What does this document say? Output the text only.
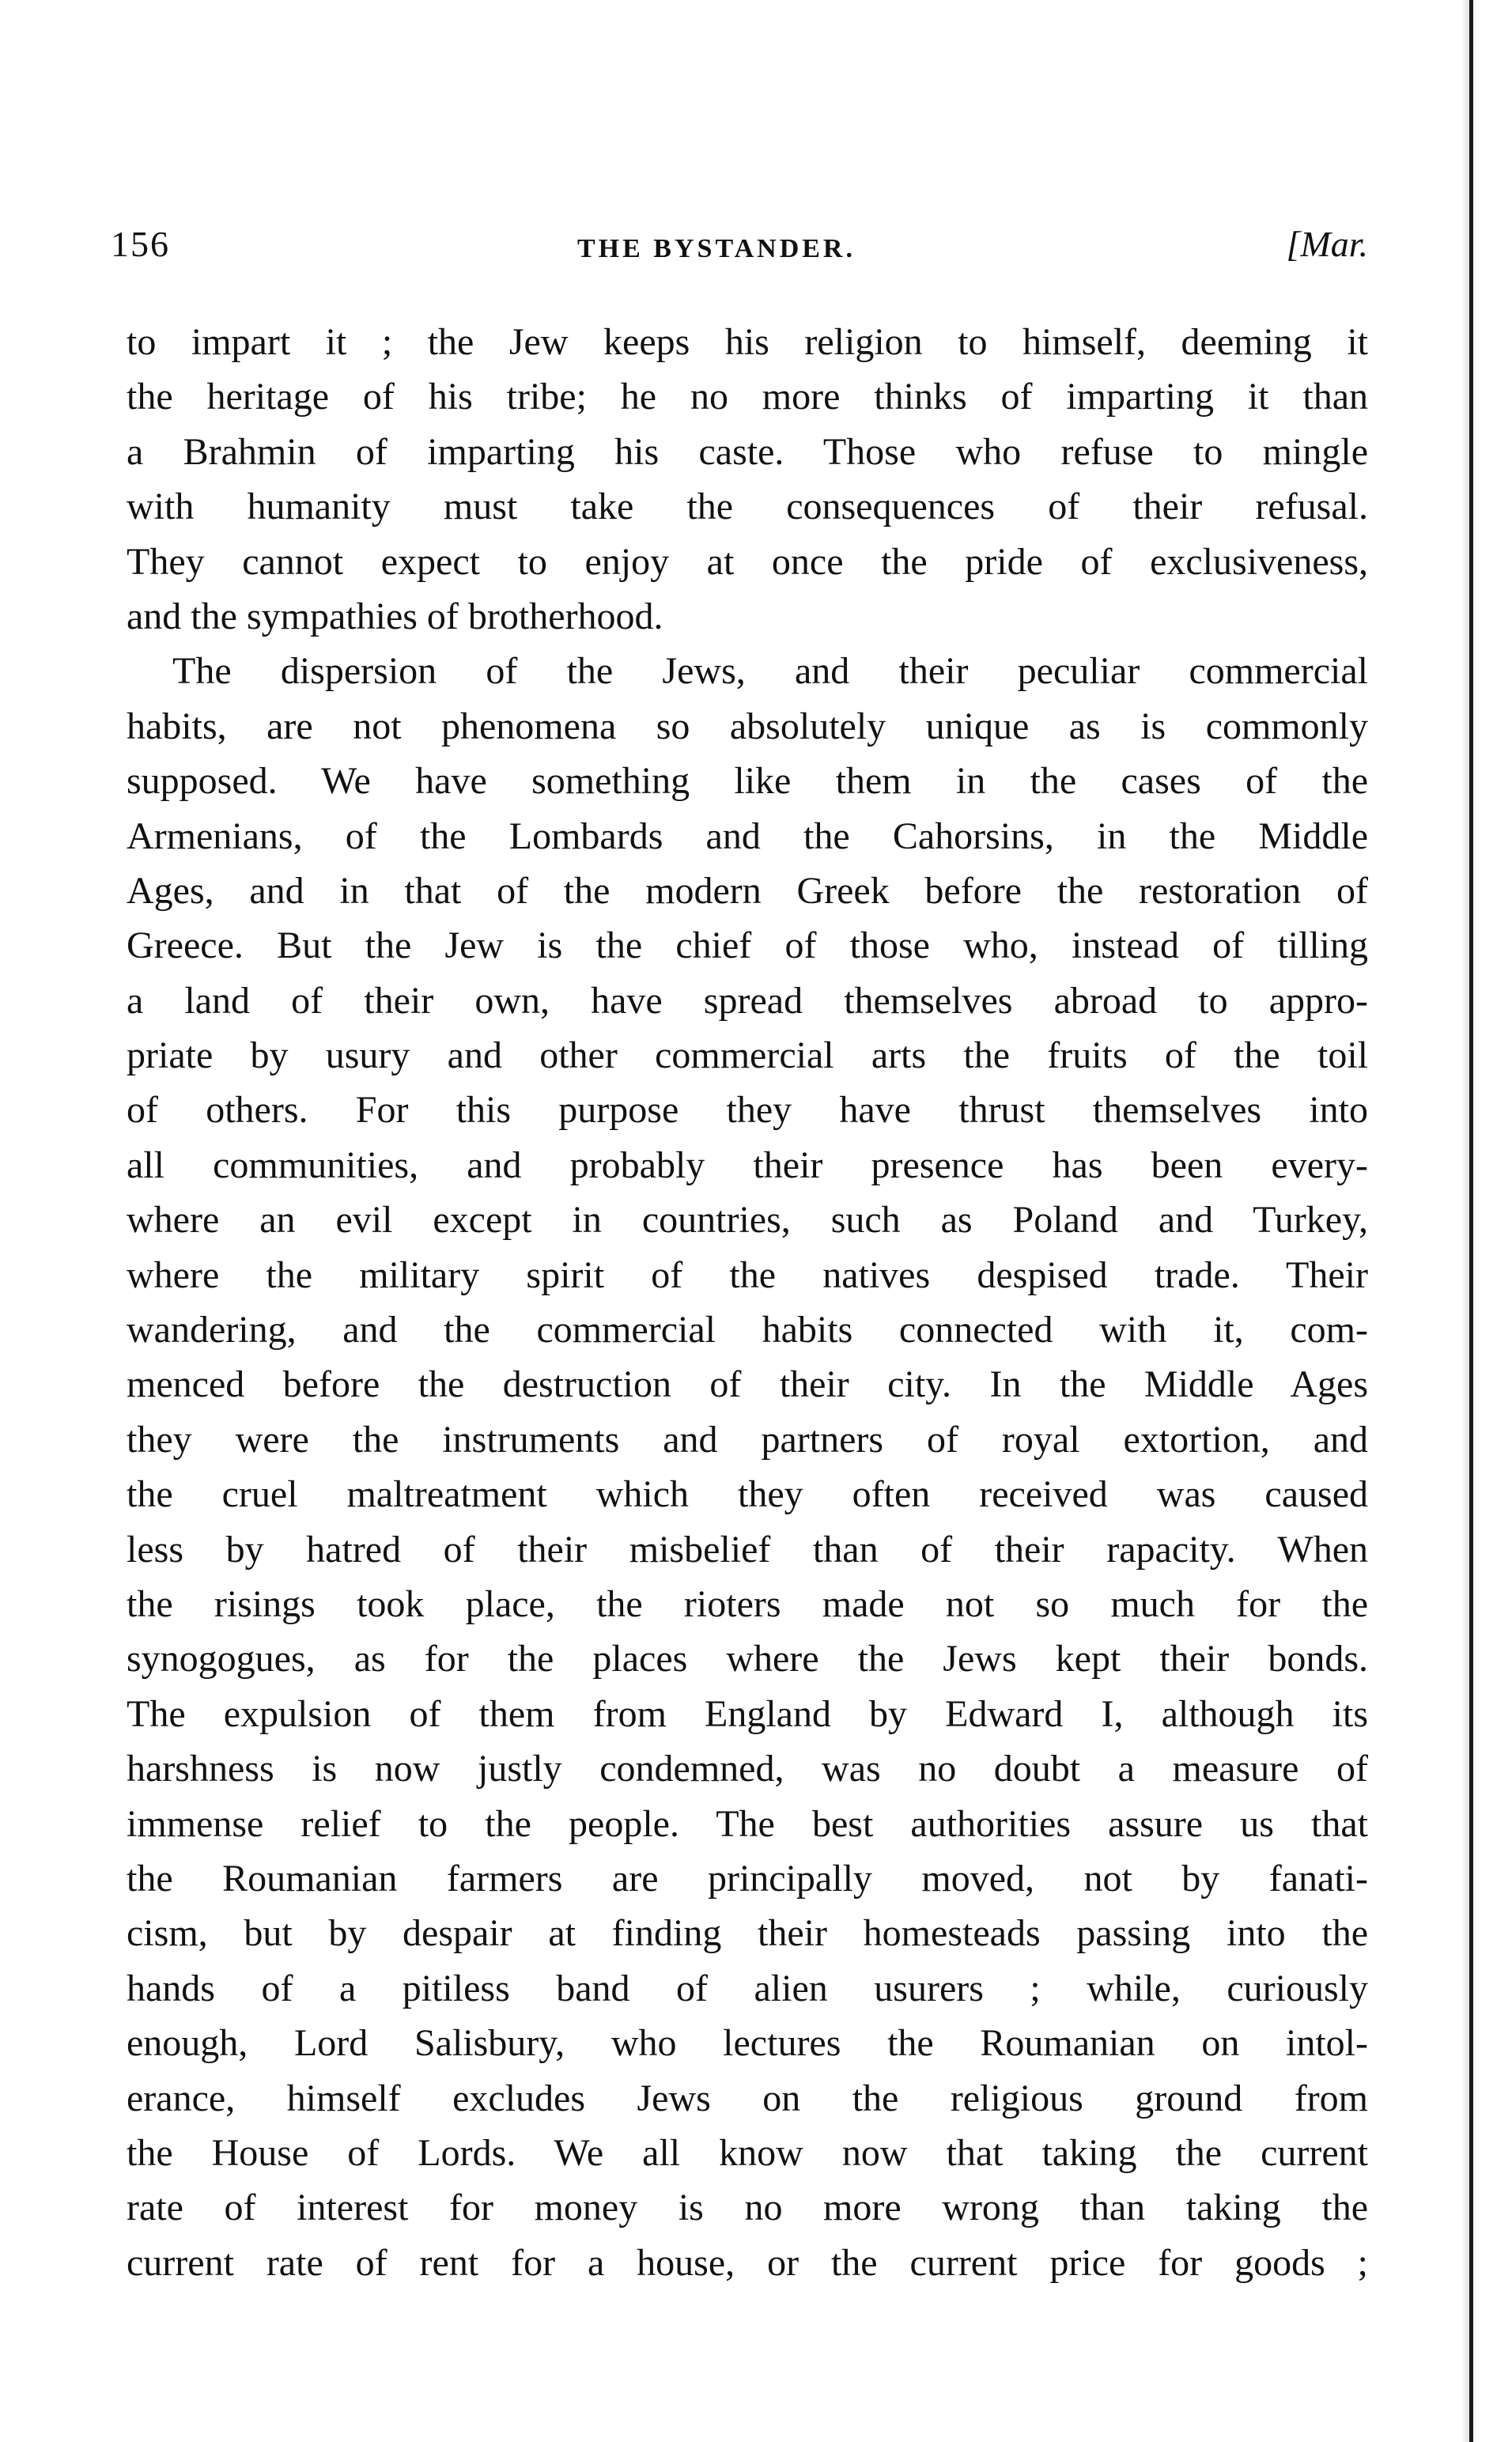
156	THE BYSTANDER.	[Mar.
to impart it ; the Jew keeps his religion to himself, deeming it
the heritage of his tribe; he no more thinks of imparting it than
a Brahmin of imparting his caste. Those who refuse to mingle
with humanity must take the consequences of their refusal.
They cannot expect to enjoy at once the pride of exclusiveness,
and the sympathies of brotherhood.
The dispersion of the Jews, and their peculiar commercial
habits, are not phenomena so absolutely unique as is commonly
supposed. We have something like them in the cases of the
Armenians, of the Lombards and the Cahorsins, in the Middle
Ages, and in that of the modern Greek before the restoration of
Greece. But the Jew is the chief of those who, instead of tilling
a land of their own, have spread themselves abroad to appro-
priate by usury and other commercial arts the fruits of the toil
of others. For this purpose they have thrust themselves into
all communities, and probably their presence has been every-
where an evil except in countries, such as Poland and Turkey,
where the military spirit of the natives despised trade. Their
wandering, and the commercial habits connected with it, com-
menced before the destruction of their city. In the Middle Ages
they were the instruments and partners of royal extortion, and
the cruel maltreatment which they often received was caused
less by hatred of their misbelief than of their rapacity. When
the risings took place, the rioters made not so much for the
synogogues, as for the places where the Jews kept their bonds.
The expulsion of them from England by Edward I, although its
harshness is now justly condemned, was no doubt a measure of
immense relief to the people. The best authorities assure us that
the Roumanian farmers are principally moved, not by fanati-
cism, but by despair at finding their homesteads passing into the
hands of a pitiless band of alien usurers ; while, curiously
enough, Lord Salisbury, who lectures the Roumanian on intol-
erance, himself excludes Jews on the religious ground from
the House of Lords. We all know now that taking the current
rate of interest for money is no more wrong than taking the
current rate of rent for a house, or the current price for goods ;
